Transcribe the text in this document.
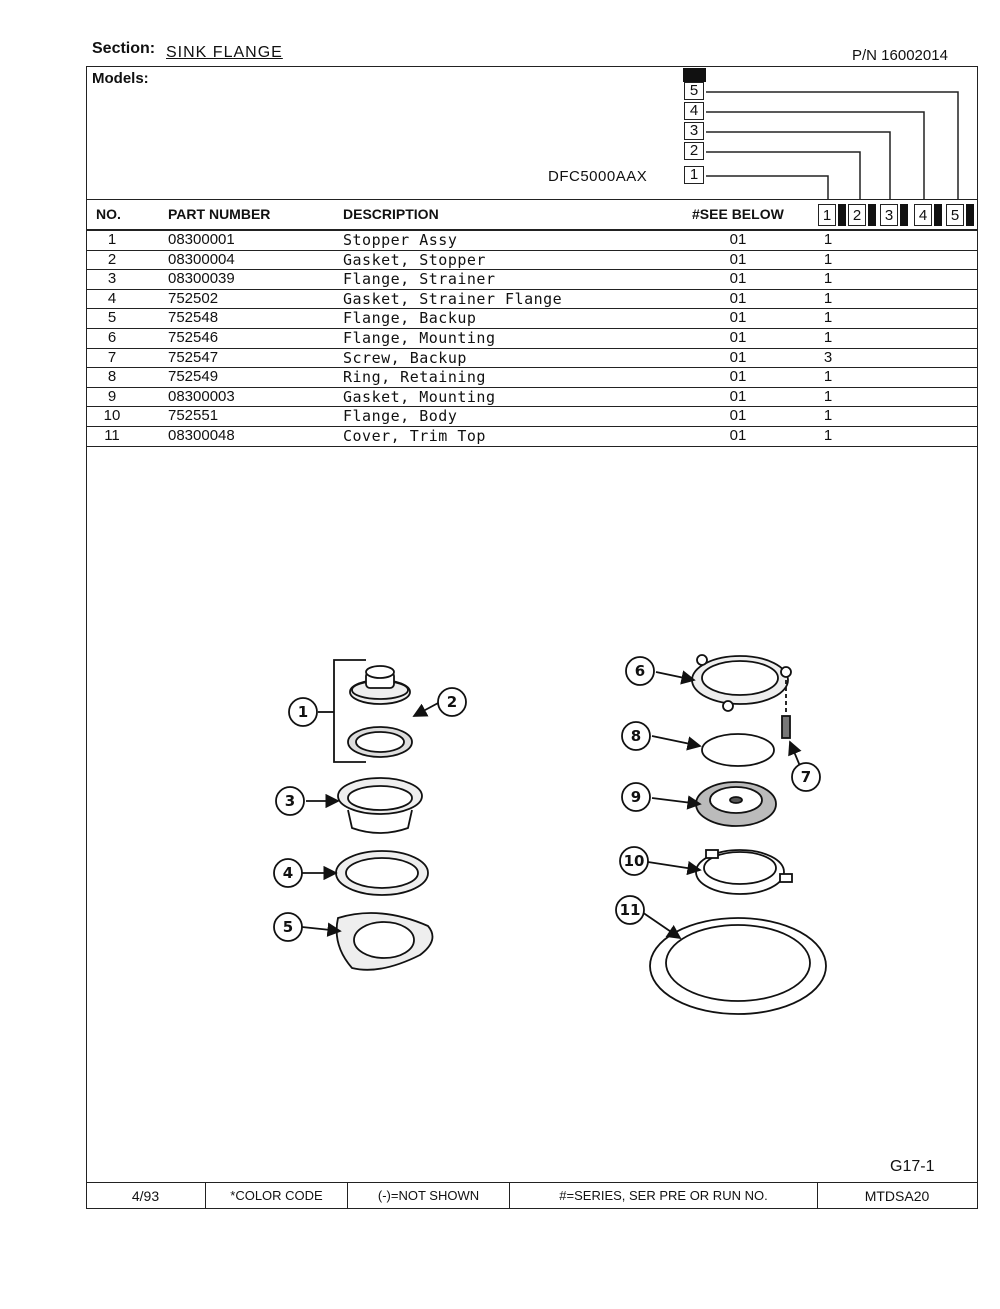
Section: SINK FLANGE	P/N 16002014
Models:
5
4
3
2
1
DFC5000AAX
NO.	PART NUMBER	DESCRIPTION	#SEE BELOW	1	2	3	4	5
1	08300001	Stopper Assy	01	1
2	08300004	Gasket, Stopper	01	1
3	08300039	Flange, Strainer	01	1
4	752502	Gasket, Strainer Flange	01	1
5	752548	Flange, Backup	01	1
6	752546	Flange, Mounting	01	1
7	752547	Screw, Backup	01	3
8	752549	Ring, Retaining	01	1
9	08300003	Gasket, Mounting	01	1
10	752551	Flange, Body	01	1
11	08300048	Cover, Trim Top	01	1
1
2
3
4
5
6
7
8
9
10
11
G17-1
4/93	*COLOR CODE	(-)=NOT SHOWN	#=SERIES, SER PRE OR RUN NO.	MTDSA20
